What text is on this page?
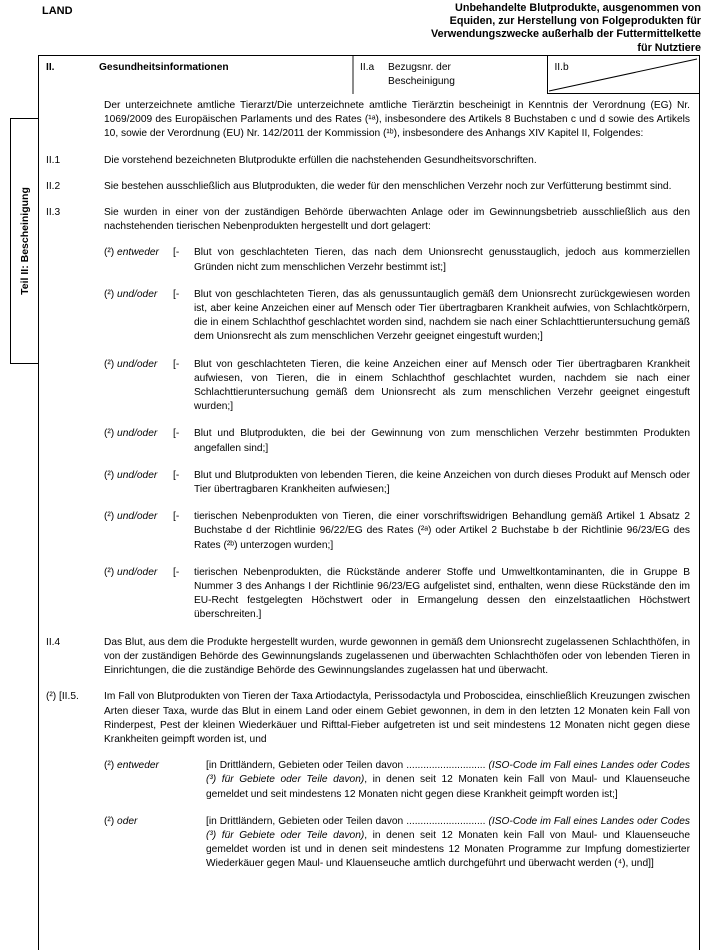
LAND	Unbehandelte Blutprodukte, ausgenommen von
Equiden, zur Herstellung von Folgeprodukten für
Verwendungszwecke außerhalb der Futtermittelkette
für Nutztiere
II.	Gesundheitsinformationen	II.a	Bezugsnr. der Bescheinigung
II.b
Der unterzeichnete amtliche Tierarzt/Die unterzeichnete amtliche Tierärztin bescheinigt in Kenntnis der Verordnung (EG) Nr. 1069/2009 des Europäischen Parlaments und des Rates (¹ᵃ), insbesondere des Artikels 8 Buchstaben c und d sowie des Artikels 10, sowie der Verordnung (EU) Nr. 142/2011 der Kommission (¹ᵇ), insbesondere des Anhangs XIV Kapitel II, Folgendes:
II.1	Die vorstehend bezeichneten Blutprodukte erfüllen die nachstehenden Gesundheitsvorschriften.
II.2	Sie bestehen ausschließlich aus Blutprodukten, die weder für den menschlichen Verzehr noch zur Verfütterung bestimmt sind.
II.3	Sie wurden in einer von der zuständigen Behörde überwachten Anlage oder im Gewinnungsbetrieb ausschließlich aus den nachstehenden tierischen Nebenprodukten hergestellt und dort gelagert:
(²) entweder	[-	Blut von geschlachteten Tieren, das nach dem Unionsrecht genusstauglich, jedoch aus kommerziellen Gründen nicht zum menschlichen Verzehr bestimmt ist;]
(²) und/oder	[-	Blut von geschlachteten Tieren, das als genussuntauglich gemäß dem Unionsrecht zurückgewiesen worden ist, aber keine Anzeichen einer auf Mensch oder Tier übertragbaren Krankheit aufwies, von Schlachtkörpern, die in einem Schlachthof geschlachtet worden sind, nachdem sie nach einer Schlachttieruntersuchung gemäß dem Unionsrecht als zum menschlichen Verzehr geeignet eingestuft wurden;]
(²) und/oder	[-	Blut von geschlachteten Tieren, die keine Anzeichen einer auf Mensch oder Tier übertragbaren Krankheit aufwiesen, von Tieren, die in einem Schlachthof geschlachtet wurden, nachdem sie nach einer Schlachttieruntersuchung gemäß dem Unionsrecht als zum menschlichen Verzehr geeignet eingestuft wurden;]
(²) und/oder	[-	Blut und Blutprodukten, die bei der Gewinnung von zum menschlichen Verzehr bestimmten Produkten angefallen sind;]
(²) und/oder	[-	Blut und Blutprodukten von lebenden Tieren, die keine Anzeichen von durch dieses Produkt auf Mensch oder Tier übertragbaren Krankheiten aufwiesen;]
(²) und/oder	[-	tierischen Nebenprodukten von Tieren, die einer vorschriftswidrigen Behandlung gemäß Artikel 1 Absatz 2 Buchstabe d der Richtlinie 96/22/EG des Rates (²ᵃ) oder Artikel 2 Buchstabe b der Richtlinie 96/23/EG des Rates (²ᵇ) unterzogen wurden;]
(²) und/oder	[-	tierischen Nebenprodukten, die Rückstände anderer Stoffe und Umweltkontaminanten, die in Gruppe B Nummer 3 des Anhangs I der Richtlinie 96/23/EG aufgelistet sind, enthalten, wenn diese Rückstände den im EU-Recht festgelegten Höchstwert oder in Ermangelung dessen den einzelstaatlichen Höchstwert überschreiten.]
II.4	Das Blut, aus dem die Produkte hergestellt wurden, wurde gewonnen in gemäß dem Unionsrecht zugelassenen Schlachthöfen, in von der zuständigen Behörde des Gewinnungslands zugelassenen und überwachten Schlachthöfen oder von lebenden Tieren in Einrichtungen, die die zuständige Behörde des Gewinnungslandes zugelassen hat und überwacht.
(²) [II.5.	Im Fall von Blutprodukten von Tieren der Taxa Artiodactyla, Perissodactyla und Proboscidea, einschließlich Kreuzungen zwischen Arten dieser Taxa, wurde das Blut in einem Land oder einem Gebiet gewonnen, in dem in den letzten 12 Monaten kein Fall von Rinderpest, Pest der kleinen Wiederkäuer und Rifttal-Fieber aufgetreten ist und seit mindestens 12 Monaten nicht gegen diese Krankheiten geimpft worden ist, und
(²) entweder	[in Drittländern, Gebieten oder Teilen davon ............................ (ISO-Code im Fall eines Landes oder Codes (³) für Gebiete oder Teile davon), in denen seit 12 Monaten kein Fall von Maul- und Klauenseuche gemeldet und seit mindestens 12 Monaten nicht gegen diese Krankheit geimpft worden ist;]
(²) oder	[in Drittländern, Gebieten oder Teilen davon ............................ (ISO-Code im Fall eines Landes oder Codes (³) für Gebiete oder Teile davon), in denen seit 12 Monaten kein Fall von Maul- und Klauenseuche gemeldet worden ist und in denen seit mindestens 12 Monaten Programme zur Impfung domestizierter Wiederkäuer gegen Maul- und Klauenseuche amtlich durchgeführt und überwacht werden (⁴), und]]
Teil II: Bescheinigung
